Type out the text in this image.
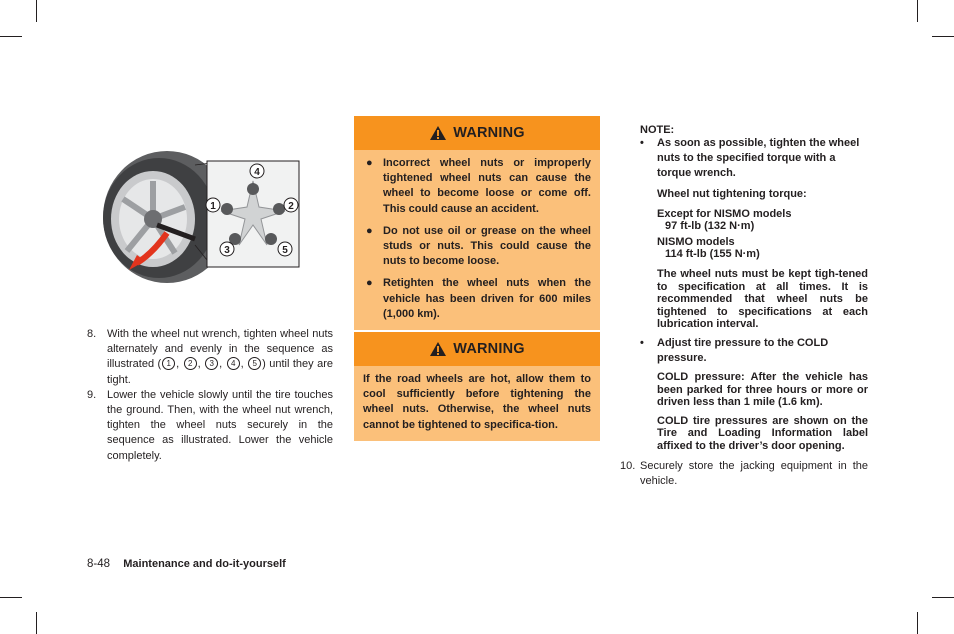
4
1	2
3	5
8. With the wheel nut wrench, tighten wheel nuts alternately and evenly in the sequence as illustrated ( 1 , 2 , 3 , 4 , 5 ) until they are tight.
9. Lower the vehicle slowly until the tire touches the ground. Then, with the wheel nut wrench, tighten the wheel nuts securely in the sequence as illustrated. Lower the vehicle completely.
WARNING
● Incorrect wheel nuts or improperly tightened wheel nuts can cause the wheel to become loose or come off. This could cause an accident.
● Do not use oil or grease on the wheel studs or nuts. This could cause the nuts to become loose.
● Retighten the wheel nuts when the vehicle has been driven for 600 miles (1,000 km).
WARNING
If the road wheels are hot, allow them to cool sufficiently before tightening the wheel nuts. Otherwise, the wheel nuts cannot be tightened to specifica-tion.
NOTE:
• As soon as possible, tighten the wheel nuts to the specified torque with a torque wrench.
Wheel nut tightening torque:
Except for NISMO models
97 ft-lb (132 N·m)
NISMO models
114 ft-lb (155 N·m)
The wheel nuts must be kept tigh-tened to specification at all times. It is recommended that wheel nuts be tightened to specifications at each lubrication interval.
• Adjust tire pressure to the COLD pressure.
COLD pressure: After the vehicle has been parked for three hours or more or driven less than 1 mile (1.6 km).
COLD tire pressures are shown on the Tire and Loading Information label affixed to the driver’s door opening.
10. Securely store the jacking equipment in the vehicle.
8-48 Maintenance and do-it-yourself
